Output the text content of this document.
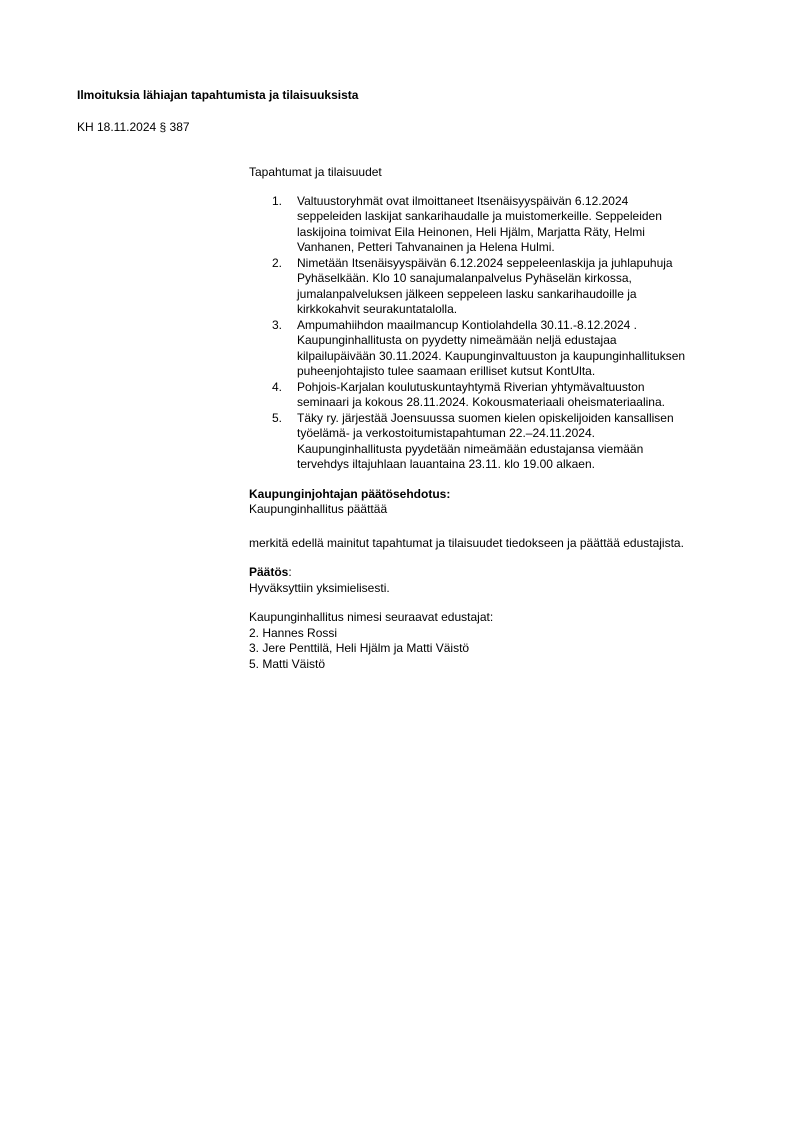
Ilmoituksia lähiajan tapahtumista ja tilaisuuksista
KH 18.11.2024 § 387
Tapahtumat ja tilaisuudet
1. Valtuustoryhmät ovat ilmoittaneet Itsenäisyyspäivän 6.12.2024
seppeleiden laskijat sankarihaudalle ja muistomerkeille. Seppeleiden
laskijoina toimivat Eila Heinonen, Heli Hjälm, Marjatta Räty, Helmi
Vanhanen, Petteri Tahvanainen ja Helena Hulmi.
2. Nimetään Itsenäisyyspäivän 6.12.2024 seppeleenlaskija ja juhlapuhuja
Pyhäselkään. Klo 10 sanajumalanpalvelus Pyhäselän kirkossa,
jumalanpalveluksen jälkeen seppeleen lasku sankarihaudoille ja
kirkkokahvit seurakuntatalolla.
3. Ampumahiihdon maailmancup Kontiolahdella 30.11.-8.12.2024 .
Kaupunginhallitusta on pyydetty nimeämään neljä edustajaa
kilpailupäivään 30.11.2024. Kaupunginvaltuuston ja kaupunginhallituksen
puheenjohtajisto tulee saamaan erilliset kutsut KontUlta.
4. Pohjois-Karjalan koulutuskuntayhtymä Riverian yhtymävaltuuston
seminaari ja kokous 28.11.2024. Kokousmateriaali oheismateriaalina.
5. Täky ry. järjestää Joensuussa suomen kielen opiskelijoiden kansallisen
työelämä- ja verkostoitumistapahtuman 22.–24.11.2024.
Kaupunginhallitusta pyydetään nimeämään edustajansa viemään
tervehdys iltajuhlaan lauantaina 23.11. klo 19.00 alkaen.
Kaupunginjohtajan päätösehdotus:
Kaupunginhallitus päättää
merkitä edellä mainitut tapahtumat ja tilaisuudet tiedokseen ja päättää edustajista.
Päätös:
Hyväksyttiin yksimielisesti.
Kaupunginhallitus nimesi seuraavat edustajat:
2. Hannes Rossi
3. Jere Penttilä, Heli Hjälm ja Matti Väistö
5. Matti Väistö
